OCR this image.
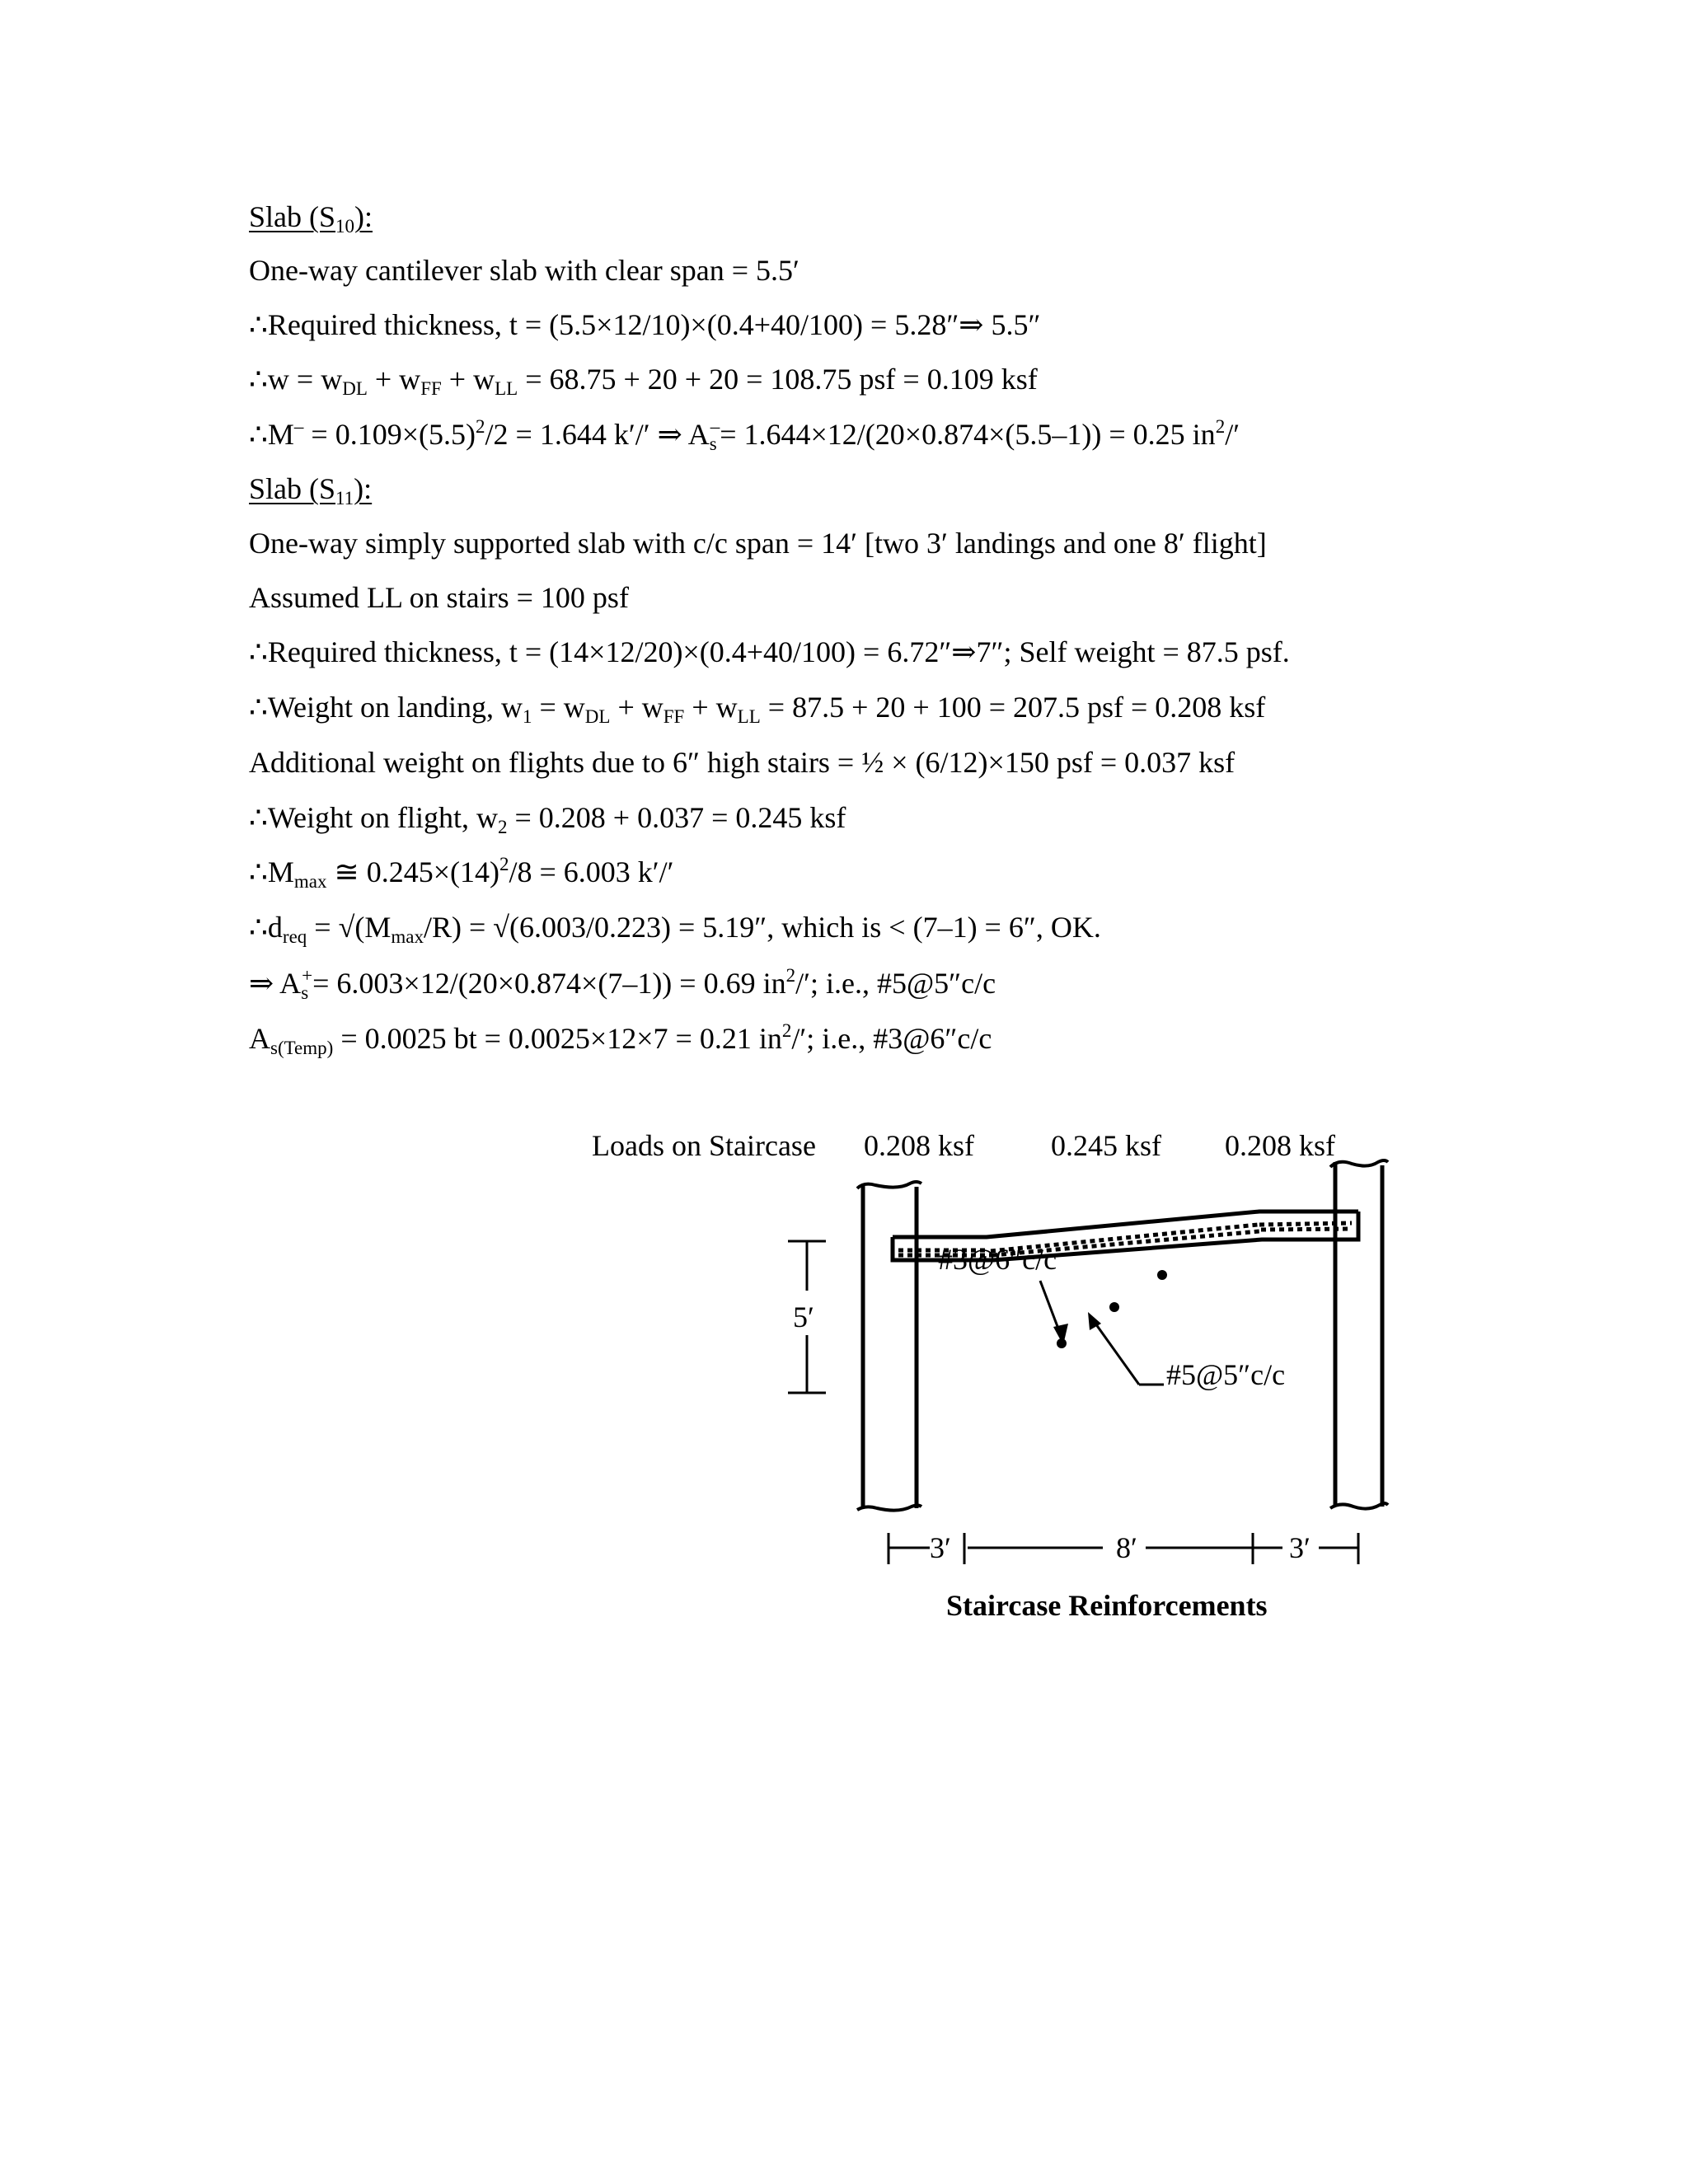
Slab $(S_{10})$:

One-way cantilever slab with clear span = 5.5′

∴Required thickness, t = (5.5×12/10)×(0.4+40/100) = 5.28″⇒ 5.5″

∴w = $w_{DL} + w_{FF} + w_{LL} = 68.75 + 20 + 20 = 108.75$ psf = 0.109 ksf

∴M– = $0.109\times(5.5)^2/2 = 1.644$ k′/′ ⇒ $A_s^-= 1.644\times 12/(20\times 0.874\times(5.5-1)) = 0.25$ $in^2/'$

Slab $(S_{11})$:

One-way simply supported slab with c/c span = 14′ [two 3′ landings and one 8′ flight]

Assumed LL on stairs = 100 psf

∴Required thickness, t = (14×12/20)×(0.4+40/100) = 6.72″⇒7″; Self weight = 87.5 psf.

∴Weight on landing, $w_1 = w_{DL} + w_{FF} + w_{LL} = 87.5 + 20 + 100 = 207.5$ psf = 0.208 ksf

Additional weight on flights due to 6″ high stairs = ½ × (6/12)×150 psf = 0.037 ksf

∴Weight on flight, $w_2 = 0.208 + 0.037 = 0.245$ ksf

$\therefore M_{max}$ ≅ $0.245\times(14)^2/8 = 6.003$ k′/′

$\therefore d_{req} = √(M_{max}/R) = √(6.003/0.223) = 5.19''$, which is < (7–1) = 6″, OK.

⇒ $A_s^+= 6.003\times 12/(20\times 0.874\times(7-1)) = 0.69$ $in^2/'$; i.e., #5@5″c/c

$A_{s(Temp)} = 0.0025$ bt = 0.0025×12×7 = 0.21 $in^2/'$; i.e., #3@6″c/c

Loads on Staircase 0.208 ksf	0.245 ksf 0.208 ksf
#3@6″c/c
#5@5″c/c
5′
3′	8′	3′
Staircase Reinforcements
